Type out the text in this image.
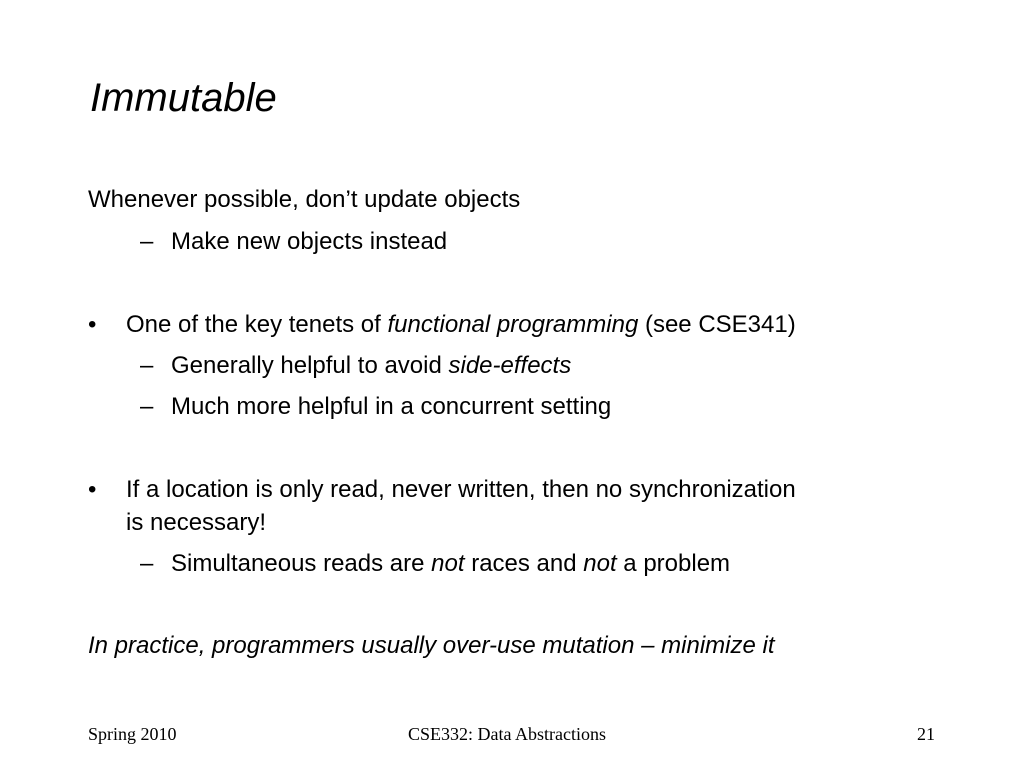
Immutable
Whenever possible, don’t update objects
– Make new objects instead
• One of the key tenets of functional programming (see CSE341)
– Generally helpful to avoid side-effects
– Much more helpful in a concurrent setting
• If a location is only read, never written, then no synchronization
is necessary!
– Simultaneous reads are not races and not a problem
In practice, programmers usually over-use mutation – minimize it
Spring 2010	CSE332: Data Abstractions	21
